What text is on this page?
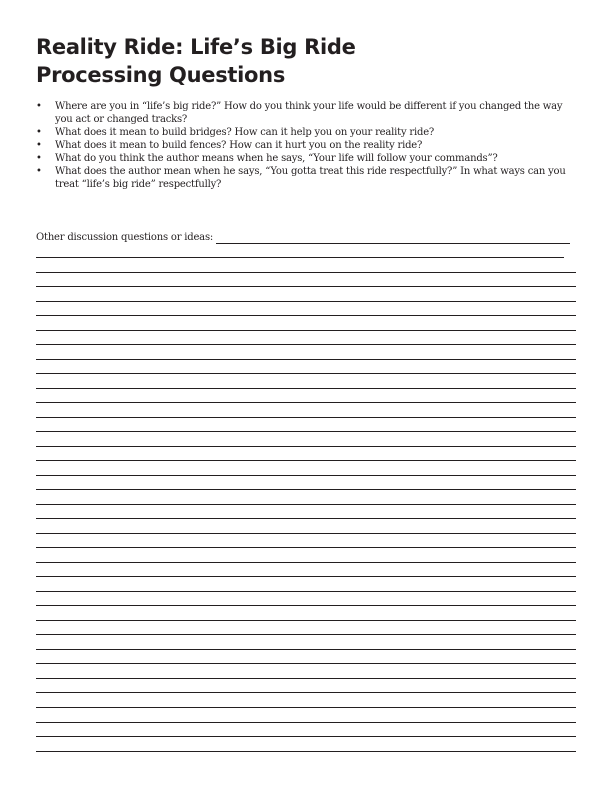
Reality Ride: Life’s Big Ride
Processing Questions
• Where are you in “life’s big ride?” How do you think your life would be different if you changed the way you act or changed tracks?
• What does it mean to build bridges? How can it help you on your reality ride?
• What does it mean to build fences? How can it hurt you on the reality ride?
• What do you think the author means when he says, “Your life will follow your commands”?
• What does the author mean when he says, “You gotta treat this ride respectfully?” In what ways can you treat “life’s big ride” respectfully?
Other discussion questions or ideas:
